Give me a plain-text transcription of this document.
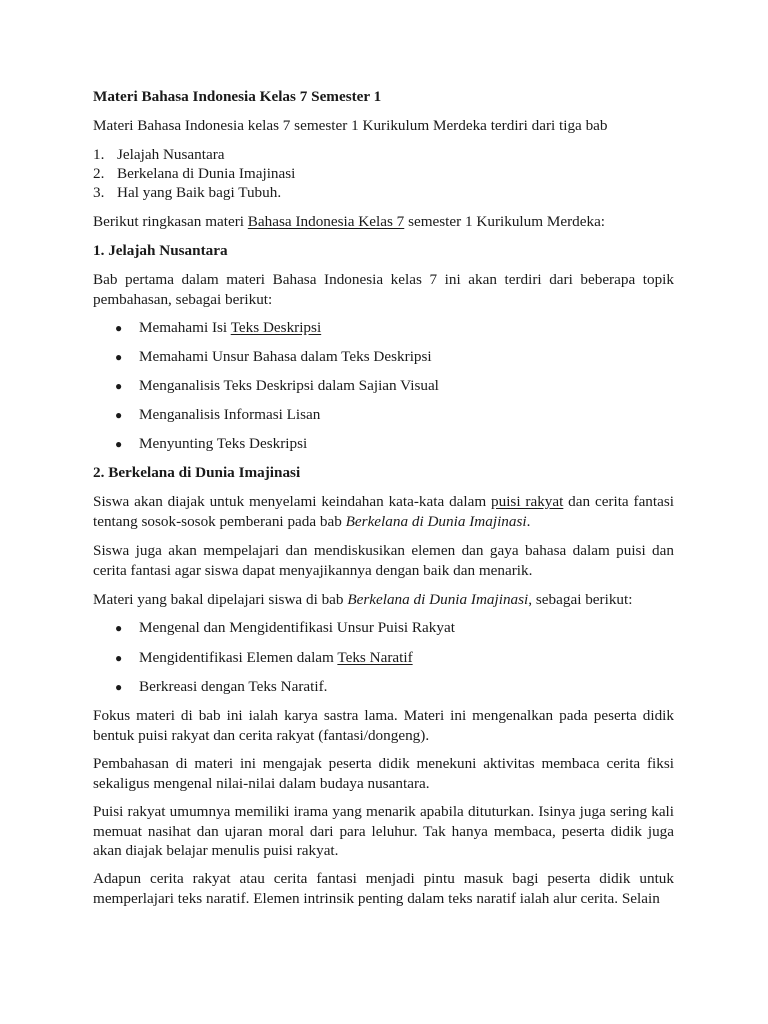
Materi Bahasa Indonesia Kelas 7 Semester 1

Materi Bahasa Indonesia kelas 7 semester 1 Kurikulum Merdeka terdiri dari tiga bab

1. Jelajah Nusantara
2. Berkelana di Dunia Imajinasi
3. Hal yang Baik bagi Tubuh.

Berikut ringkasan materi Bahasa Indonesia Kelas 7 semester 1 Kurikulum Merdeka:

1. Jelajah Nusantara

Bab pertama dalam materi Bahasa Indonesia kelas 7 ini akan terdiri dari beberapa topik pembahasan, sebagai berikut:

● Memahami Isi Teks Deskripsi
● Memahami Unsur Bahasa dalam Teks Deskripsi
● Menganalisis Teks Deskripsi dalam Sajian Visual
● Menganalisis Informasi Lisan
● Menyunting Teks Deskripsi
2. Berkelana di Dunia Imajinasi

Siswa akan diajak untuk menyelami keindahan kata-kata dalam puisi rakyat dan cerita fantasi tentang sosok-sosok pemberani pada bab Berkelana di Dunia Imajinasi.

Siswa juga akan mempelajari dan mendiskusikan elemen dan gaya bahasa dalam puisi dan cerita fantasi agar siswa dapat menyajikannya dengan baik dan menarik.

Materi yang bakal dipelajari siswa di bab Berkelana di Dunia Imajinasi, sebagai berikut:

● Mengenal dan Mengidentifikasi Unsur Puisi Rakyat
● Mengidentifikasi Elemen dalam Teks Naratif
● Berkreasi dengan Teks Naratif.

Fokus materi di bab ini ialah karya sastra lama. Materi ini mengenalkan pada peserta didik bentuk puisi rakyat dan cerita rakyat (fantasi/dongeng).

Pembahasan di materi ini mengajak peserta didik menekuni aktivitas membaca cerita fiksi sekaligus mengenal nilai-nilai dalam budaya nusantara.

Puisi rakyat umumnya memiliki irama yang menarik apabila dituturkan. Isinya juga sering kali memuat nasihat dan ujaran moral dari para leluhur. Tak hanya membaca, peserta didik juga akan diajak belajar menulis puisi rakyat.

Adapun cerita rakyat atau cerita fantasi menjadi pintu masuk bagi peserta didik untuk memperlajari teks naratif. Elemen intrinsik penting dalam teks naratif ialah alur cerita. Selain
